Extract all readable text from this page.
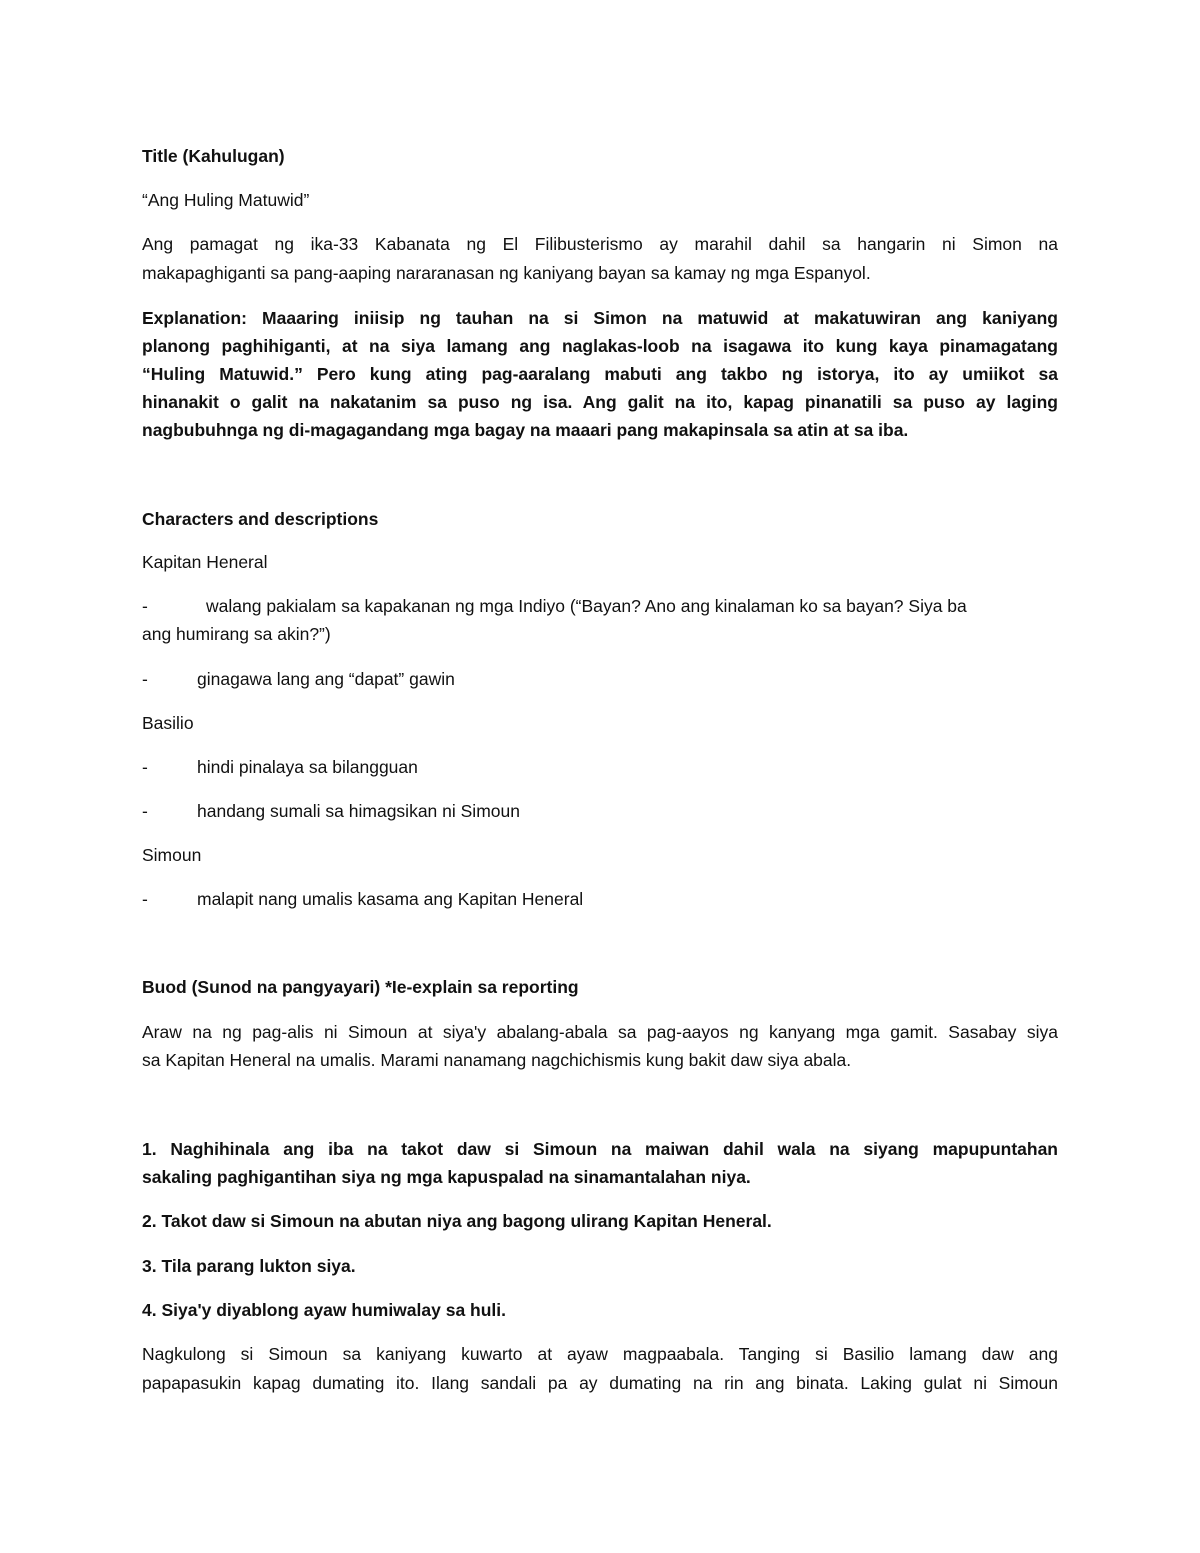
Title (Kahulugan)

“Ang Huling Matuwid”

Ang pamagat ng ika-33 Kabanata ng El Filibusterismo ay marahil dahil sa hangarin ni Simon na

makapaghiganti sa pang-aaping nararanasan ng kaniyang bayan sa kamay ng mga Espanyol.

Explanation: Maaaring iniisip ng tauhan na si Simon na matuwid at makatuwiran ang kaniyang

planong paghihiganti, at na siya lamang ang naglakas-loob na isagawa ito kung kaya pinamagatang

“Huling Matuwid.” Pero kung ating pag-aaralang mabuti ang takbo ng istorya, ito ay umiikot sa

hinanakit o galit na nakatanim sa puso ng isa. Ang galit na ito, kapag pinanatili sa puso ay laging

nagbubuhnga ng di-magagandang mga bagay na maaari pang makapinsala sa atin at sa iba.

Characters and descriptions

Kapitan Heneral

-	walang pakialam sa kapakanan ng mga Indiyo (“Bayan? Ano ang kinalaman ko sa bayan? Siya ba

ang humirang sa akin?”)

-	ginagawa lang ang “dapat” gawin

Basilio

-	hindi pinalaya sa bilangguan

-	handang sumali sa himagsikan ni Simoun

Simoun

-	malapit nang umalis kasama ang Kapitan Heneral

Buod (Sunod na pangyayari) *Ie-explain sa reporting

Araw na ng pag-alis ni Simoun at siya'y abalang-abala sa pag-aayos ng kanyang mga gamit. Sasabay siya

sa Kapitan Heneral na umalis. Marami nanamang nagchichismis kung bakit daw siya abala.

1. Naghihinala ang iba na takot daw si Simoun na maiwan dahil wala na siyang mapupuntahan

sakaling paghigantihan siya ng mga kapuspalad na sinamantalahan niya.

2. Takot daw si Simoun na abutan niya ang bagong ulirang Kapitan Heneral.

3. Tila parang lukton siya.

4. Siya'y diyablong ayaw humiwalay sa huli.

Nagkulong si Simoun sa kaniyang kuwarto at ayaw magpaabala. Tanging si Basilio lamang daw ang

papapasukin kapag dumating ito. Ilang sandali pa ay dumating na rin ang binata. Laking gulat ni Simoun
